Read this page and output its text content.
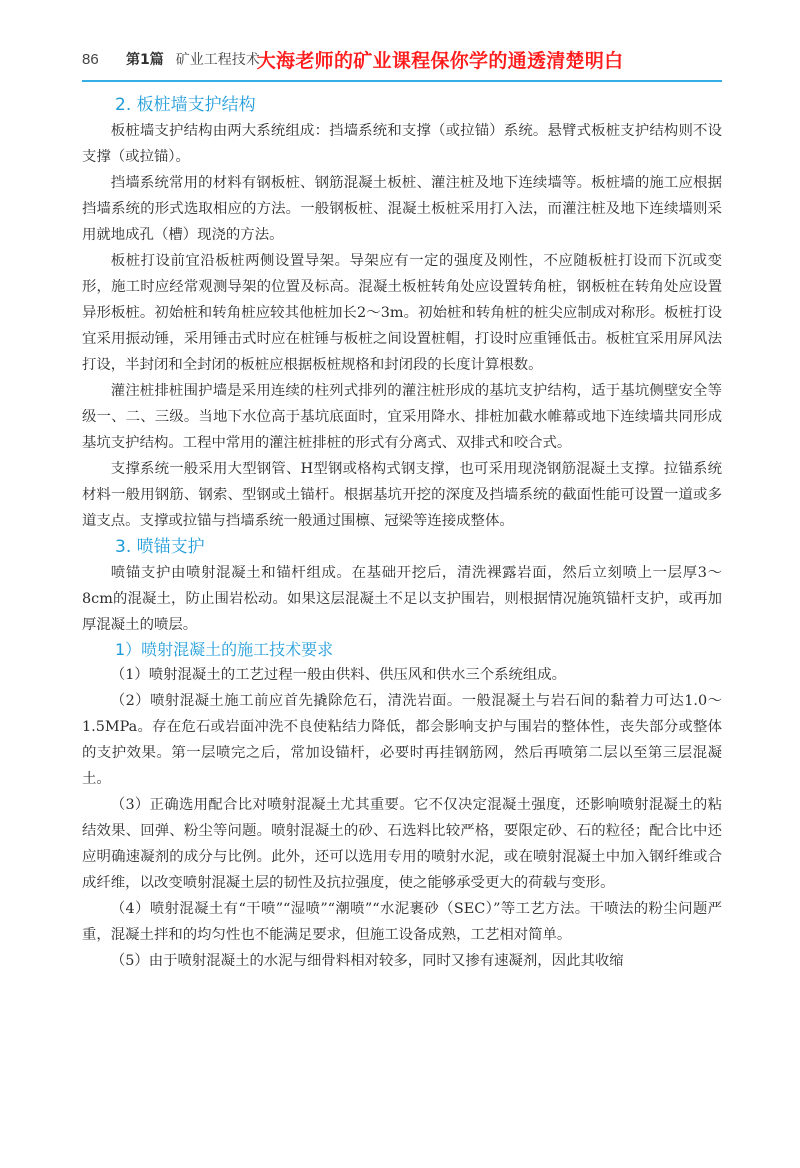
86	第1篇 矿业工程技术
大海老师的矿业课程保你学的通透清楚明白
2. 板桩墙支护结构

板桩墙支护结构由两大系统组成：挡墙系统和支撑（或拉锚）系统。悬臂式板桩支护结构则不设支撑（或拉锚）。

挡墙系统常用的材料有钢板桩、钢筋混凝土板桩、灌注桩及地下连续墙等。板桩墙的施工应根据挡墙系统的形式选取相应的方法。一般钢板桩、混凝土板桩采用打入法，而灌注桩及地下连续墙则采用就地成孔（槽）现浇的方法。

板桩打设前宜沿板桩两侧设置导架。导架应有一定的强度及刚性，不应随板桩打设而下沉或变形，施工时应经常观测导架的位置及标高。混凝土板桩转角处应设置转角桩，钢板桩在转角处应设置异形板桩。初始桩和转角桩应较其他桩加长2～3m。初始桩和转角桩的桩尖应制成对称形。板桩打设宜采用振动锤，采用锤击式时应在桩锤与板桩之间设置桩帽，打设时应重锤低击。板桩宜采用屏风法打设，半封闭和全封闭的板桩应根据板桩规格和封闭段的长度计算根数。

灌注桩排桩围护墙是采用连续的柱列式排列的灌注桩形成的基坑支护结构，适于基坑侧壁安全等级一、二、三级。当地下水位高于基坑底面时，宜采用降水、排桩加截水帷幕或地下连续墙共同形成基坑支护结构。工程中常用的灌注桩排桩的形式有分离式、双排式和咬合式。

支撑系统一般采用大型钢管、H型钢或格构式钢支撑，也可采用现浇钢筋混凝土支撑。拉锚系统材料一般用钢筋、钢索、型钢或土锚杆。根据基坑开挖的深度及挡墙系统的截面性能可设置一道或多道支点。支撑或拉锚与挡墙系统一般通过围檩、冠梁等连接成整体。

3. 喷锚支护

喷锚支护由喷射混凝土和锚杆组成。在基础开挖后，清洗裸露岩面，然后立刻喷上一层厚3～8cm的混凝土，防止围岩松动。如果这层混凝土不足以支护围岩，则根据情况施筑锚杆支护，或再加厚混凝土的喷层。

1）喷射混凝土的施工技术要求

（1）喷射混凝土的工艺过程一般由供料、供压风和供水三个系统组成。

（2）喷射混凝土施工前应首先撬除危石，清洗岩面。一般混凝土与岩石间的黏着力可达1.0～1.5MPa。存在危石或岩面冲洗不良使粘结力降低，都会影响支护与围岩的整体性，丧失部分或整体的支护效果。第一层喷完之后，常加设锚杆，必要时再挂钢筋网，然后再喷第二层以至第三层混凝土。

（3）正确选用配合比对喷射混凝土尤其重要。它不仅决定混凝土强度，还影响喷射混凝土的粘结效果、回弹、粉尘等问题。喷射混凝土的砂、石选料比较严格，要限定砂、石的粒径；配合比中还应明确速凝剂的成分与比例。此外，还可以选用专用的喷射水泥，或在喷射混凝土中加入钢纤维或合成纤维，以改变喷射混凝土层的韧性及抗拉强度，使之能够承受更大的荷载与变形。

（4）喷射混凝土有“干喷”“湿喷”“潮喷”“水泥裹砂（SEC）”等工艺方法。干喷法的粉尘问题严重，混凝土拌和的均匀性也不能满足要求，但施工设备成熟，工艺相对简单。

（5）由于喷射混凝土的水泥与细骨料相对较多，同时又掺有速凝剂，因此其收缩
